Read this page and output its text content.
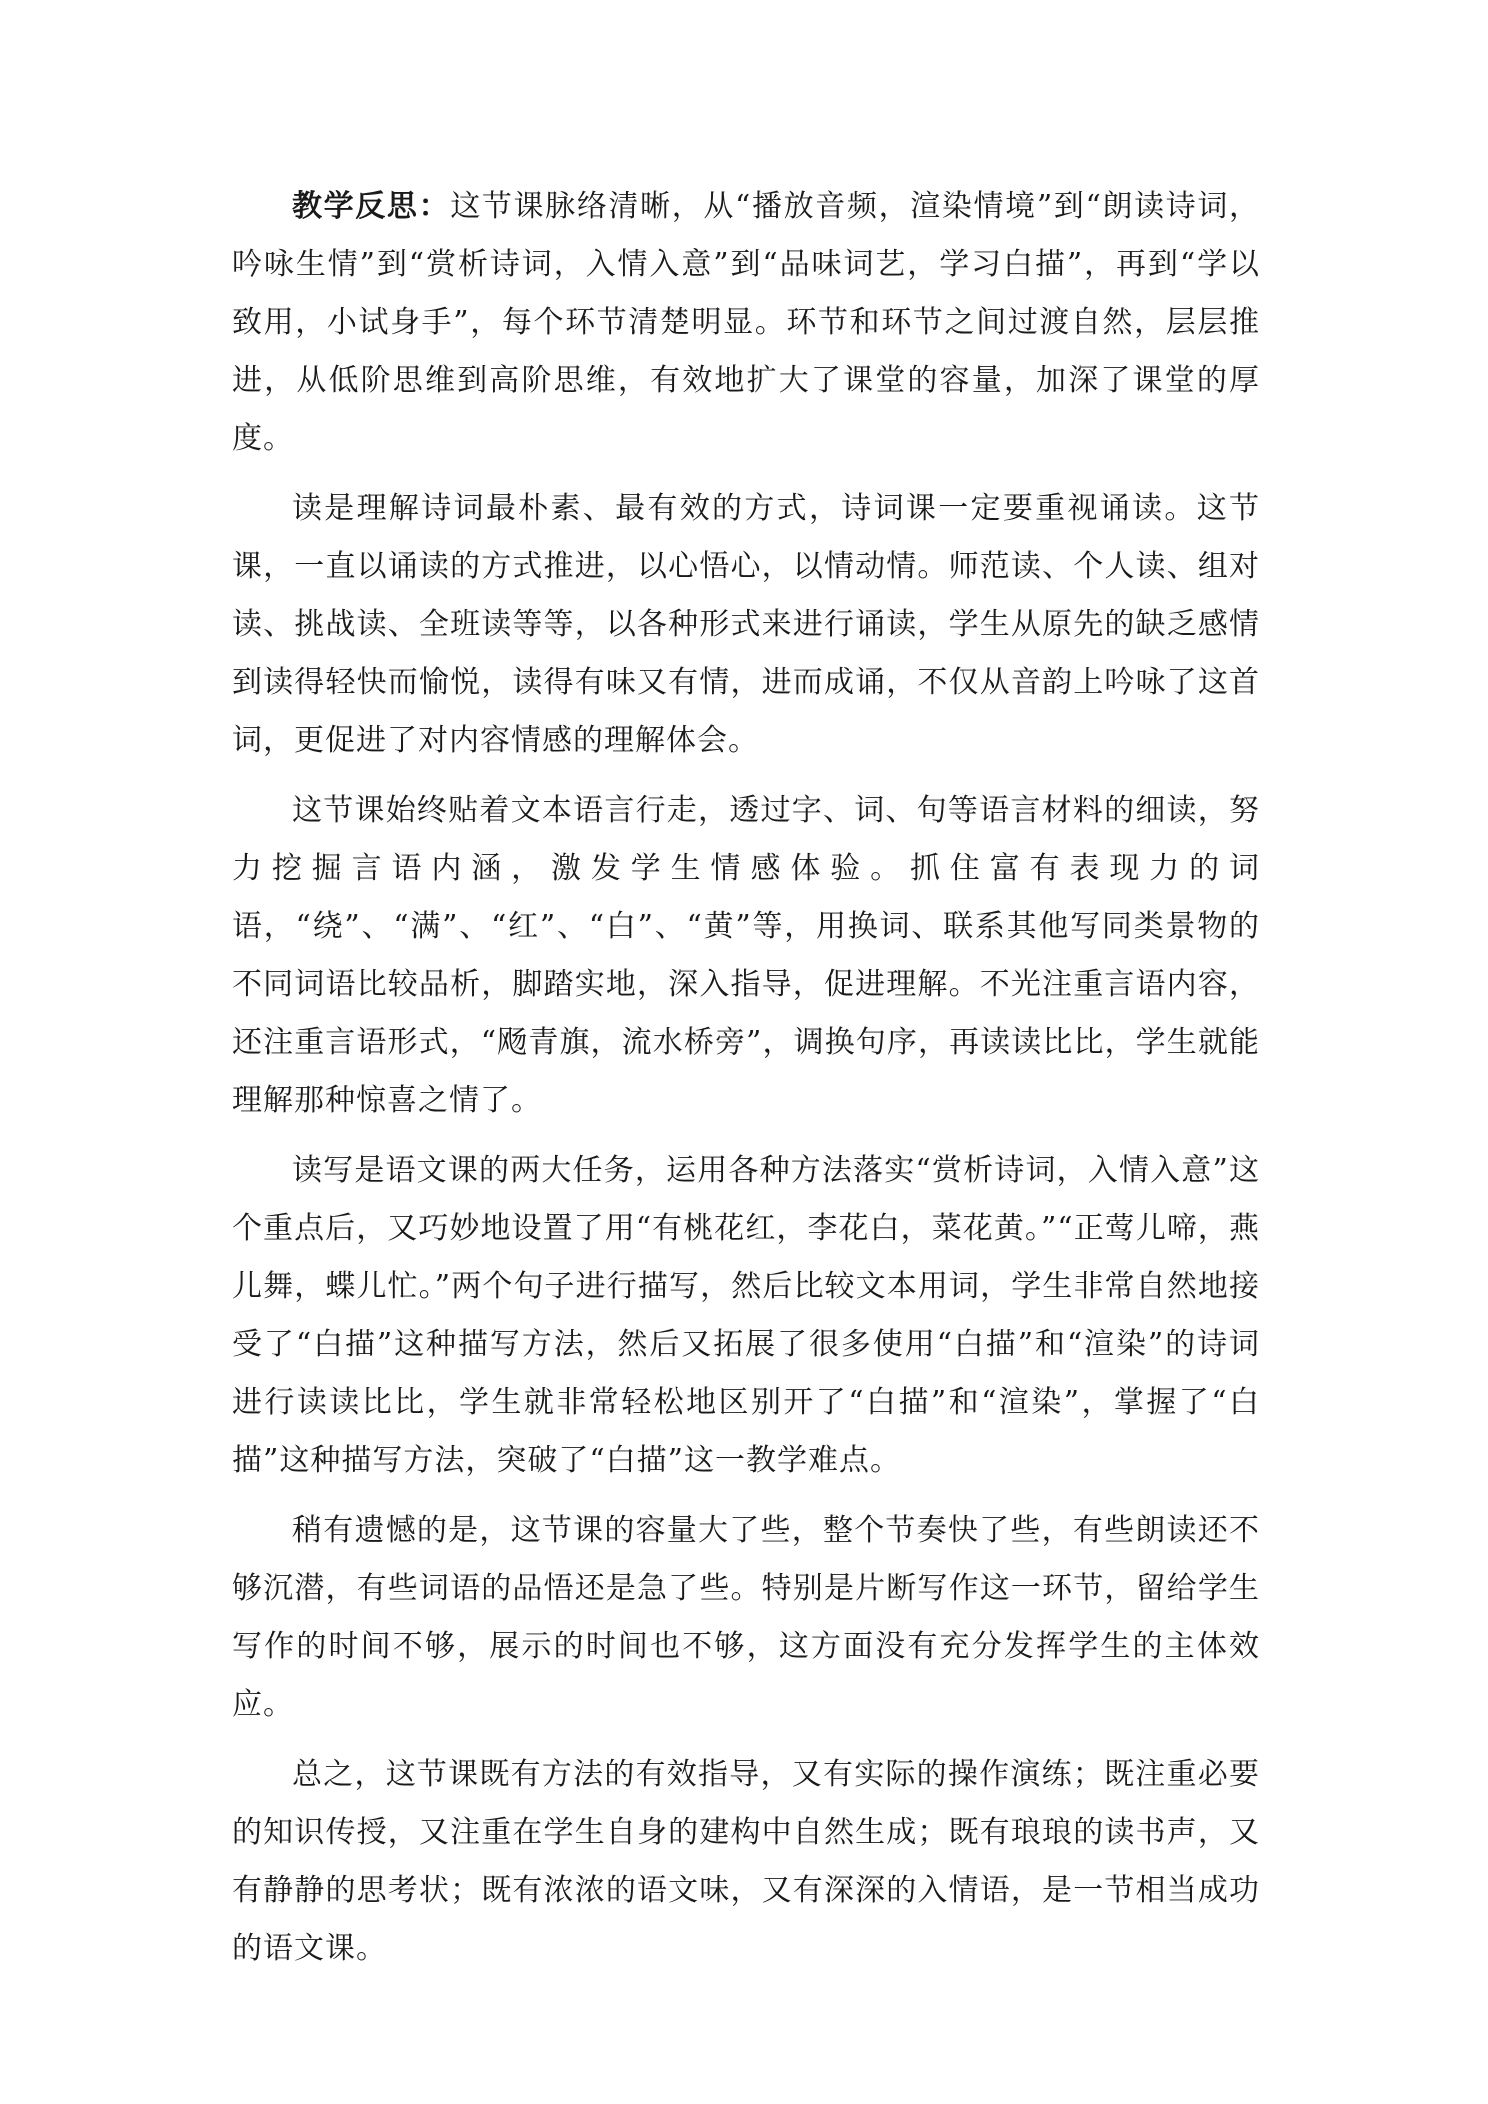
教学反思：这节课脉络清晰，从“播放音频，渲染情境”到“朗读诗词，吟咏生情”到“赏析诗词，入情入意”到“品味词艺，学习白描”，再到“学以致用，小试身手”，每个环节清楚明显。环节和环节之间过渡自然，层层推进，从低阶思维到高阶思维，有效地扩大了课堂的容量，加深了课堂的厚度。

读是理解诗词最朴素、最有效的方式，诗词课一定要重视诵读。这节课，一直以诵读的方式推进，以心悟心，以情动情。师范读、个人读、组对读、挑战读、全班读等等，以各种形式来进行诵读，学生从原先的缺乏感情到读得轻快而愉悦，读得有味又有情，进而成诵，不仅从音韵上吟咏了这首词，更促进了对内容情感的理解体会。

这节课始终贴着文本语言行走，透过字、词、句等语言材料的细读，努力挖掘言语内涵，激发学生情感体验。抓住富有表现力的词语，“绕”、“满”、“红”、“白”、“黄”等，用换词、联系其他写同类景物的不同词语比较品析，脚踏实地，深入指导，促进理解。不光注重言语内容，还注重言语形式，“飏青旗，流水桥旁”，调换句序，再读读比比，学生就能理解那种惊喜之情了。

读写是语文课的两大任务，运用各种方法落实“赏析诗词，入情入意”这个重点后，又巧妙地设置了用“有桃花红，李花白，菜花黄。”“正莺儿啼，燕儿舞，蝶儿忙。”两个句子进行描写，然后比较文本用词，学生非常自然地接受了“白描”这种描写方法，然后又拓展了很多使用“白描”和“渲染”的诗词进行读读比比，学生就非常轻松地区别开了“白描”和“渲染”，掌握了“白描”这种描写方法，突破了“白描”这一教学难点。

稍有遗憾的是，这节课的容量大了些，整个节奏快了些，有些朗读还不够沉潜，有些词语的品悟还是急了些。特别是片断写作这一环节，留给学生写作的时间不够，展示的时间也不够，这方面没有充分发挥学生的主体效应。

总之，这节课既有方法的有效指导，又有实际的操作演练；既注重必要的知识传授，又注重在学生自身的建构中自然生成；既有琅琅的读书声，又有静静的思考状；既有浓浓的语文味，又有深深的入情语，是一节相当成功的语文课。
